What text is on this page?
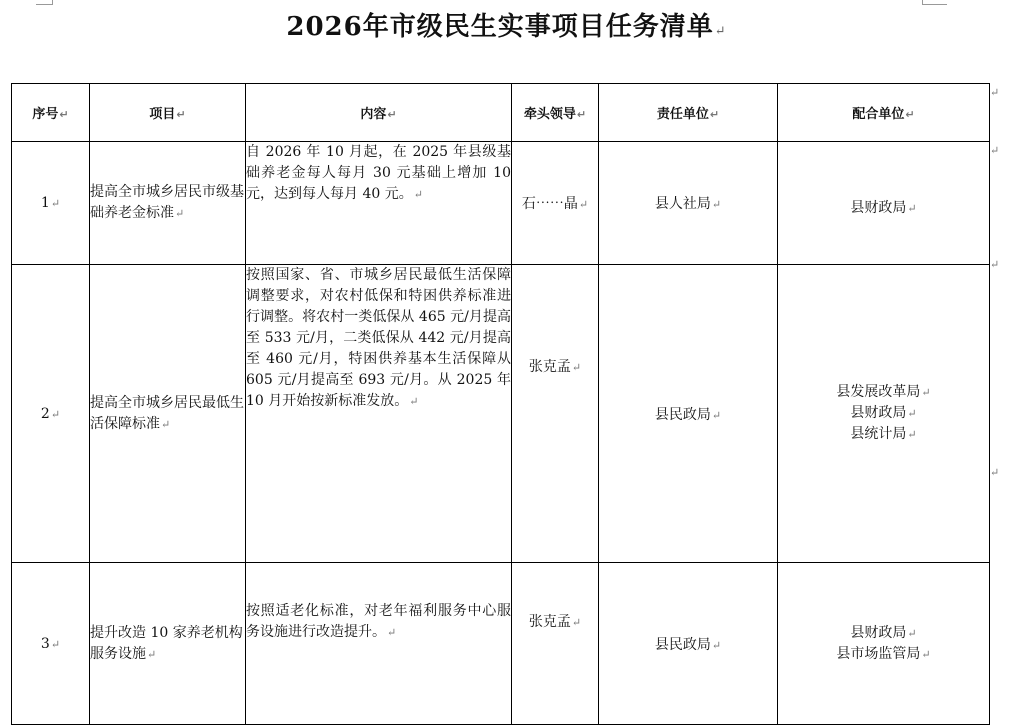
2026年市级民生实事项目任务清单↵
序号↵	项目↵	内容↵	牵头领导↵	责任单位↵	配合单位↵
1↵	提高全市城乡居民市级基础养老金标准↵	自 2026 年 10 月起，在 2025 年县级基础养老金每人每月 30 元基础上增加 10 元，达到每人每月 40 元。↵	石⋯⋯晶↵	县人社局↵	县财政局↵
2↵	提高全市城乡居民最低生活保障标准↵	按照国家、省、市城乡居民最低生活保障调整要求，对农村低保和特困供养标准进行调整。将农村一类低保从 465 元/月提高至 533 元/月，二类低保从 442 元/月提高至 460 元/月，特困供养基本生活保障从 605 元/月提高至 693 元/月。从 2025 年 10 月开始按新标准发放。↵	张克孟↵	县民政局↵	县发展改革局↵
县财政局↵
县统计局↵

3↵	提升改造 10 家养老机构服务设施↵	按照适老化标准，对老年福利服务中心服务设施进行改造提升。↵	张克孟↵	县民政局↵	县财政局↵
县市场监管局↵
↵
↵
↵
↵
